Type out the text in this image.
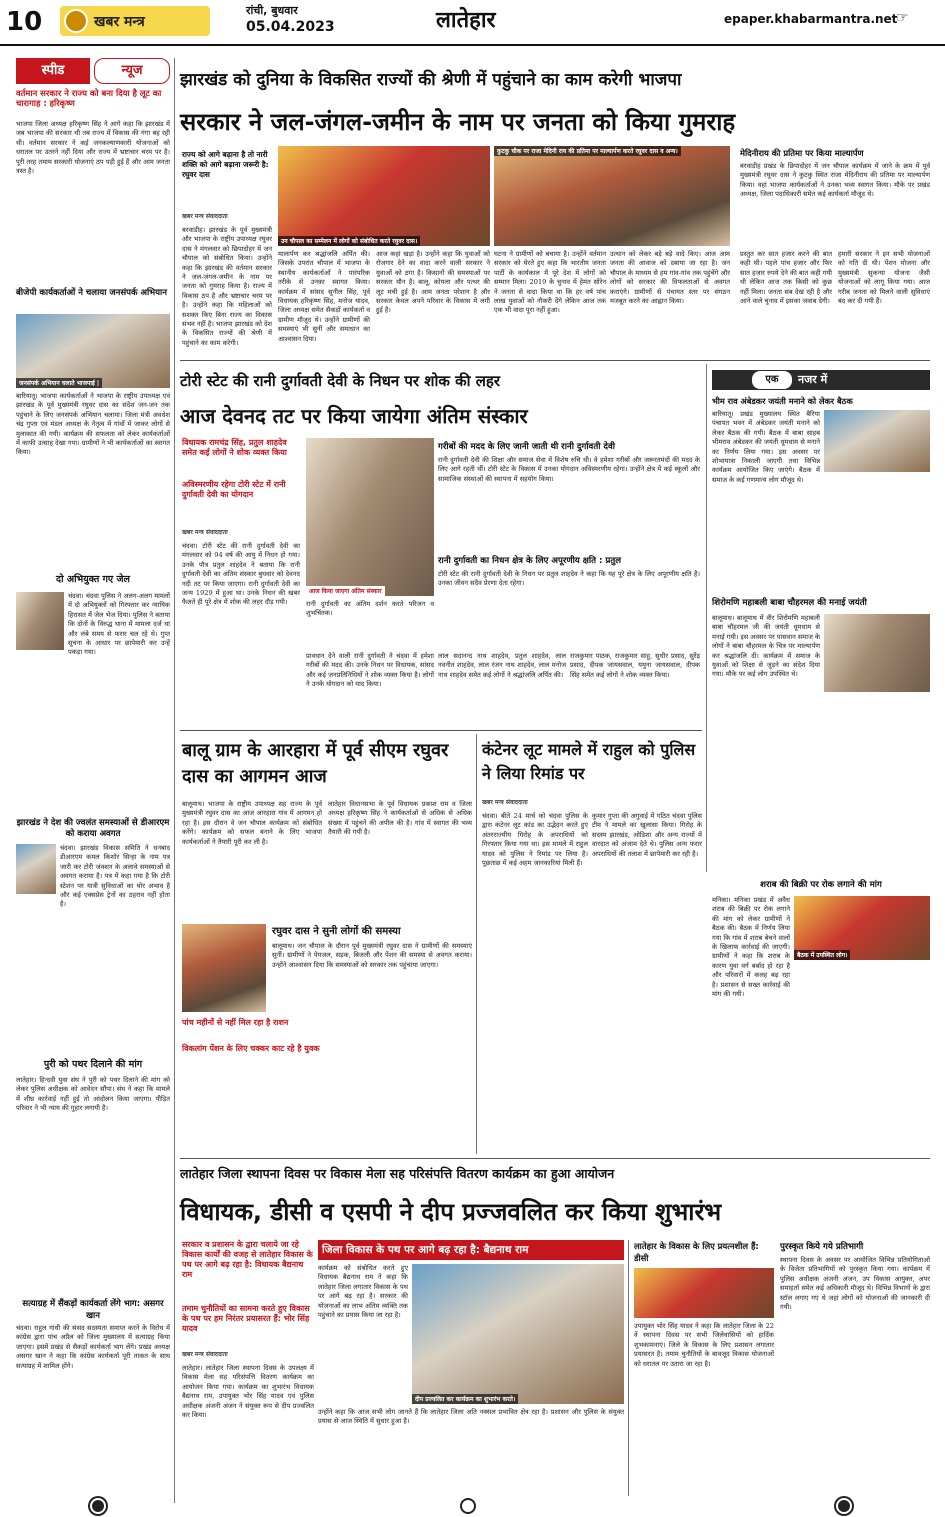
10	खबर मन्त्र
रांची, बुधवार
05.04.2023	लातेहार	epaper.khabarmantra.net
☞
स्पीड	न्यूज
वर्तमान सरकार ने राज्य को बना दिया है लूट का चारागाह : हरिकृष्ण
भाजपा जिला अध्यक्ष हरिकृष्ण सिंह ने आगे कहा कि झारखंड में जब भाजपा की सरकार थी तब राज्य में विकास की गंगा बह रही थी। वर्तमान सरकार ने कई जनकल्याणकारी योजनाओं को धरातल पर उतरने नहीं दिया और राज्य में भ्रष्टाचार चरम पर है। पूरी तरह तमाम सरकारी योजनाएं ठप पड़ी हुई हैं और आम जनता त्रस्त है।
बीजेपी कार्यकर्ताओं ने चलाया जनसंपर्क अभियान
जनसंपर्क अभियान चलाते भाजपाई |
बारियातू। भाजपा कार्यकर्ताओं ने भाजपा के राष्ट्रीय उपाध्यक्ष एवं झारखंड के पूर्व मुख्यमंत्री रघुवर दास का संदेश जन-जन तक पहुंचाने के लिए जनसंपर्क अभियान चलाया। जिला मंत्री अवधेश चंद्र गुप्ता एवं मंडल अध्यक्ष के नेतृत्व में गांवों में जाकर लोगों से मुलाकात की गयी। कार्यक्रम की सफलता को लेकर कार्यकर्ताओं में काफी उत्साह देखा गया। ग्रामीणों ने भी कार्यकर्ताओं का स्वागत किया।
दो अभियुक्त गए जेल
चंदवा। चंदवा पुलिस ने अलग-अलग मामलों में दो अभियुक्तों को गिरफ्तार कर न्यायिक हिरासत में जेल भेज दिया। पुलिस ने बताया कि दोनों के विरुद्ध थाना में मामला दर्ज था और लंबे समय से फरार चल रहे थे। गुप्त सूचना के आधार पर छापेमारी कर उन्हें पकड़ा गया।
झारखंड ने देश की ज्वलंत समस्याओं से डीआरएम को कराया अवगत
चंदवा। झारखंड विकास समिति ने धनबाद डीआरएम कमल किशोर सिन्हा के नाम पत्र जारी कर टोरी जंक्शन के अलावे समस्याओं से अवगत कराया है। पत्र में कहा गया है कि टोरी स्टेशन पर यात्री सुविधाओं का घोर अभाव है और कई एक्सप्रेस ट्रेनों का ठहराव नहीं होता है।
पुरी को पथर दिलाने की मांग
लातेहार। हिन्दवी युवा संघ ने पुरी को पथर दिलाने की मांग को लेकर पुलिस अधीक्षक को आवेदन सौंपा। संघ ने कहा कि मामले में शीघ्र कार्रवाई नहीं हुई तो आंदोलन किया जाएगा। पीड़ित परिवार ने भी न्याय की गुहार लगायी है।
सत्याग्रह में सैंकड़ों कार्यकर्ता लेंगे भाग: असगर खान
चंदवा। राहुल गांधी की संसद सदस्यता समाप्त करने के विरोध में कांग्रेस द्वारा पांच अप्रैल को जिला मुख्यालय में सत्याग्रह किया जाएगा। इसमें प्रखंड से सैकड़ों कार्यकर्ता भाग लेंगे। प्रखंड अध्यक्ष असगर खान ने कहा कि कांग्रेस कार्यकर्ता पूरी ताकत के साथ सत्याग्रह में शामिल होंगे।
झारखंड को दुनिया के विकसित राज्यों की श्रेणी में पहुंचाने का काम करेगी भाजपा
सरकार ने जल-जंगल-जमीन के नाम पर जनता को किया गुमराह
राज्य को आगे बढ़ाना है तो नारी शक्ति को आगे बढ़ाना जरूरी है: रघुवर दास
उन चौपाल का सम्मेलन में लोगों को संबोधित करते रघुवर दास।
कुटकु चौक पर राजा मेदिनी राय की प्रतिमा पर माल्यार्पण करते रघुवर दास व अन्य।
खबर मन्त्र संवाददाता
बरवाडीह। झारखंड के पूर्व मुख्यमंत्री और भाजपा के राष्ट्रीय उपाध्यक्ष रघुवर दास ने मंगलवार को छिपादोहर में जन चौपाल को संबोधित किया। उन्होंने कहा कि झारखंड की वर्तमान सरकार ने जल-जंगल-जमीन के नाम पर जनता को गुमराह किया है। राज्य में विकास ठप है और भ्रष्टाचार चरम पर है। उन्होंने कहा कि महिलाओं को सशक्त किए बिना राज्य का विकास संभव नहीं है। भाजपा झारखंड को देश के विकसित राज्यों की श्रेणी में पहुंचाने का काम करेगी।
मालार्पण कर श्रद्धांजलि अर्पित की। जिसके उपरांत चौपाल में भाजपा के स्थानीय कार्यकर्ताओं ने पारंपरिक तरीके से उनका स्वागत किया। कार्यक्रम में सांसद सुनील सिंह, पूर्व विधायक हरिकृष्ण सिंह, मनोज यादव, जिला अध्यक्ष समेत सैकड़ों कार्यकर्ता व ग्रामीण मौजूद थे। उन्होंने ग्रामीणों की समस्याएं भी सुनीं और समाधान का आश्वासन दिया।
आज कहां खड़ा है। उन्होंने कहा कि युवाओं को रोजगार देने का वादा करने वाली सरकार ने युवाओं को ठगा है। किसानों की समस्याओं पर सरकार मौन है। बालू, कोयला और पत्थर की लूट मची हुई है। आम जनता परेशान है और सरकार केवल अपने परिवार के विकास में लगी हुई है।
घटना ने ग्रामीणों को बचाया है। उन्होंने वर्तमान सरकार को घेरते हुए कहा कि भारतीय जनता पार्टी के कार्यकाल में पूरे देश में लोगों को सम्मान मिला। 2019 के चुनाव में हेमंत सोरेन ने जनता से वादा किया था कि हर वर्ष पांच लाख युवाओं को नौकरी देंगे लेकिन आज तक एक भी वादा पूरा नहीं हुआ।
उत्थान को लेकर बड़े बड़े वादे किए। आज आम जनता की आवाज को दबाया जा रहा है। जन चौपाल के माध्यम से हम गांव-गांव तक पहुंचेंगे और लोगों को सरकार की विफलताओं से अवगत कराएंगे। ग्रामीणों से पंचायत स्तर पर संगठन मजबूत करने का आह्वान किया।
मेदिनीराय की प्रतिमा पर किया माल्यार्पण
बरवाडीह प्रखंड के छिपादोहर में जन चौपाल कार्यक्रम में जाने के क्रम में पूर्व मुख्यमंत्री रघुवर दास ने कुटकु स्थित राजा मेदिनीराय की प्रतिमा पर माल्यार्पण किया। वहां भाजपा कार्यकर्ताओं ने उनका भव्य स्वागत किया। मौके पर प्रखंड अध्यक्ष, जिला पदाधिकारी समेत कई कार्यकर्ता मौजूद थे।
प्रस्तुत कर सात हजार करने की बात कही थी। पहले पांच हजार और फिर सात हजार रुपये देने की बात कही गयी थी लेकिन आज तक किसी को कुछ नहीं मिला। जनता सब देख रही है और आने वाले चुनाव में इसका जवाब देगी।
हमारी सरकार ने इन सभी योजनाओं को गति दी थी। पेंशन योजना और मुख्यमंत्री सुकन्या योजना जैसी योजनाओं को लागू किया गया। आज गरीब जनता को मिलने वाली सुविधाएं बंद कर दी गयी हैं।
टोरी स्टेट की रानी दुर्गावती देवी के निधन पर शोक की लहर
आज देवनद तट पर किया जायेगा अंतिम संस्कार
विधायक रामचंद्र सिंह, प्रतुल शाहदेव समेत कई लोगों ने शोक व्यक्त किया
अविस्मरणीय रहेगा टोरी स्टेट में रानी दुर्गावती देवी का योगदान
खबर मन्त्र संवाददाता
चंदवा। टोरी स्टेट की रानी दुर्गावती देवी का मंगलवार को 94 वर्ष की आयु में निधन हो गया। उनके पौत्र प्रतुल शाहदेव ने बताया कि रानी दुर्गावती देवी का अंतिम संस्कार बुधवार को देवनद नदी तट पर किया जाएगा। रानी दुर्गावती देवी का जन्म 1929 में हुआ था। उनके निधन की खबर फैलते ही पूरे क्षेत्र में शोक की लहर दौड़ गयी।
आज किया जाएगा अंतिम संस्कार
रानी दुर्गावती का अंतिम दर्शन करते परिजन व शुभचिंतक।
प्रावधान देने वाली रानी दुर्गावती ने चंदवा में हमेशा गरीबों की मदद की। उनके निधन पर विधायक, सांसद और कई जनप्रतिनिधियों ने शोक व्यक्त किया है। लोगों ने उनके योगदान को याद किया।
गरीबों की मदद के लिए जानी जाती थी रानी दुर्गावती देवी
रानी दुर्गावती देवी की शिक्षा और समाज सेवा में विशेष रुचि थी। वे हमेशा गरीबों और जरूरतमंदों की मदद के लिए आगे रहती थीं। टोरी स्टेट के विकास में उनका योगदान अविस्मरणीय रहेगा। उन्होंने क्षेत्र में कई स्कूलों और सामाजिक संस्थाओं की स्थापना में सहयोग किया।
रानी दुर्गावती का निधन क्षेत्र के लिए अपूरणीय क्षति : प्रतुल
टोरी स्टेट की रानी दुर्गावती देवी के निधन पर प्रतुल शाहदेव ने कहा कि यह पूरे क्षेत्र के लिए अपूरणीय क्षति है। उनका जीवन सदैव प्रेरणा देता रहेगा।
लाल सदानन्द नाथ शाहदेव, प्रतुल शाहदेव, लाल नवनीत शाहदेव, लाल रंजन नाथ शाहदेव, लाल मनोज नाथ शाहदेव समेत कई लोगों ने श्रद्धांजलि अर्पित की।
राजकुमार पाठक, राजकुमार साहू, सुधीर प्रसाद, सुरेंद्र प्रसाद, दीपक जायसवाल, यमुना जायसवाल, दीपक सिंह समेत कई लोगों ने शोक व्यक्त किया।
एक	नजर में
भीम राव अंबेडकर जयंती मनाने को लेकर बैठक
बारियातू। प्रखंड मुख्यालय स्थित बैरिया पंचायत भवन में अंबेडकर जयंती मनाने को लेकर बैठक की गयी। बैठक में बाबा साहब भीमराव अंबेडकर की जयंती धूमधाम से मनाने का निर्णय लिया गया। इस अवसर पर शोभायात्रा निकाली जाएगी तथा विभिन्न कार्यक्रम आयोजित किए जाएंगे। बैठक में समाज के कई गणमान्य लोग मौजूद थे।
शिरोमणि महाबली बाबा चौहरमल की मनाई जयंती
बालूमाथ। बालूमाथ में वीर शिरोमणि महाबली बाबा चौहरमल जी की जयंती धूमधाम से मनाई गयी। इस अवसर पर पासवान समाज के लोगों ने बाबा चौहरमल के चित्र पर माल्यार्पण कर श्रद्धांजलि दी। कार्यक्रम में समाज के युवाओं को शिक्षा से जुड़ने का संदेश दिया गया। मौके पर कई लोग उपस्थित थे।
शराब की बिक्री पर रोक लगाने की मांग
बैठक में उपस्थित लोग।
मनिका। मनिका प्रखंड में अवैध शराब की बिक्री पर रोक लगाने की मांग को लेकर ग्रामीणों ने बैठक की। बैठक में निर्णय लिया गया कि गांव में शराब बेचने वालों के खिलाफ कार्रवाई की जाएगी। ग्रामीणों ने कहा कि शराब के कारण युवा वर्ग बर्बाद हो रहा है और परिवारों में कलह बढ़ रहा है। प्रशासन से सख्त कार्रवाई की मांग की गयी।
बालू ग्राम के आरहारा में पूर्व सीएम रघुवर दास का आगमन आज
बालूमाथ। भाजपा के राष्ट्रीय उपाध्यक्ष सह राज्य के पूर्व मुख्यमंत्री रघुवर दास का आज आरहारा गांव में आगमन हो रहा है। इस दौरान वे जन चौपाल कार्यक्रम को संबोधित करेंगे। कार्यक्रम को सफल बनाने के लिए भाजपा कार्यकर्ताओं ने तैयारी पूरी कर ली है।
लातेहार विधानसभा के पूर्व विधायक प्रकाश राम व जिला अध्यक्ष हरिकृष्ण सिंह ने कार्यकर्ताओं से अधिक से अधिक संख्या में पहुंचने की अपील की है। गांव में स्वागत की भव्य तैयारी की गयी है।
कंटेनर लूट मामले में राहुल को पुलिस ने लिया रिमांड पर
खबर मन्त्र संवाददाता
चंदवा। बीते 24 मार्च को चंदवा पुलिस के द्वारा कंटेनर लूट कांड का उद्भेदन करते हुए अंतरराज्यीय गिरोह के अपराधियों को गिरफ्तार किया गया था। इस मामले में राहुल यादव को पुलिस ने रिमांड पर लिया है। पूछताछ में कई अहम जानकारियां मिली हैं।
कुमार गुप्ता की अगुवाई में गठित चंदवा पुलिस टीम ने मामले का खुलासा किया। गिरोह के सदस्य झारखंड, ओडिशा और अन्य राज्यों में वारदात को अंजाम देते थे। पुलिस अन्य फरार अपराधियों की तलाश में छापेमारी कर रही है।
रघुवर दास ने सुनी लोगों की समस्या
बालूमाथ। जन चौपाल के दौरान पूर्व मुख्यमंत्री रघुवर दास ने ग्रामीणों की समस्याएं सुनीं। ग्रामीणों ने पेयजल, सड़क, बिजली और पेंशन की समस्या से अवगत कराया। उन्होंने आश्वासन दिया कि समस्याओं को सरकार तक पहुंचाया जाएगा।
पांच महीनों से नहीं मिल रहा है राशन
विकलांग पेंशन के लिए चक्कर काट रहे है युवक
लातेहार जिला स्थापना दिवस पर विकास मेला सह परिसंपत्ति वितरण कार्यक्रम का हुआ आयोजन
विधायक, डीसी व एसपी ने दीप प्रज्जवलित कर किया शुभारंभ
सरकार व प्रशासन के द्वारा चलाये जा रहे विकास कार्यों की वजह से लातेहार विकास के पथ पर आगे बढ़ रहा है: विधायक बैद्यनाथ राम
तमाम चुनौतियों का सामना करते हुए विकास के पथ पर हम निरंतर प्रयासरत हैं: भोर सिंह यादव
खबर मन्त्र संवाददाता
लातेहार। लातेहार जिला स्थापना दिवस के उपलक्ष्य में विकास मेला सह परिसंपत्ति वितरण कार्यक्रम का आयोजन किया गया। कार्यक्रम का शुभारंभ विधायक बैद्यनाथ राम, उपायुक्त भोर सिंह यादव एवं पुलिस अधीक्षक अंजनी अंजन ने संयुक्त रूप से दीप प्रज्वलित कर किया।
जिला विकास के पथ पर आगे बढ़ रहा है: बैद्यनाथ राम
कार्यक्रम को संबोधित करते हुए विधायक बैद्यनाथ राम ने कहा कि लातेहार जिला लगातार विकास के पथ पर आगे बढ़ रहा है। सरकार की योजनाओं का लाभ अंतिम व्यक्ति तक पहुंचाने का प्रयास किया जा रहा है।
दीप प्रज्वलित कर कार्यक्रम का शुभारंभ करते।
उन्होंने कहा कि आज सभी लोग जानते हैं कि लातेहार जिला अति नक्सल प्रभावित क्षेत्र रहा है। प्रशासन और पुलिस के संयुक्त प्रयास से आज स्थिति में सुधार हुआ है।
लातेहार के विकास के लिए प्रयत्नशील हैं: डीसी
उपायुक्त भोर सिंह यादव ने कहा कि लातेहार जिला के 22 वें स्थापना दिवस पर सभी जिलेवासियों को हार्दिक शुभकामनाएं। जिले के विकास के लिए प्रशासन लगातार प्रयासरत है। तमाम चुनौतियों के बावजूद विकास योजनाओं को धरातल पर उतारा जा रहा है।
पुरस्कृत किये गये प्रतिभागी
स्थापना दिवस के अवसर पर आयोजित विभिन्न प्रतियोगिताओं के विजेता प्रतिभागियों को पुरस्कृत किया गया। कार्यक्रम में पुलिस अधीक्षक अंजनी अंजन, उप विकास आयुक्त, अपर समाहर्ता समेत कई अधिकारी मौजूद थे। विभिन्न विभागों के द्वारा स्टॉल लगाए गए थे जहां लोगों को योजनाओं की जानकारी दी गयी।
